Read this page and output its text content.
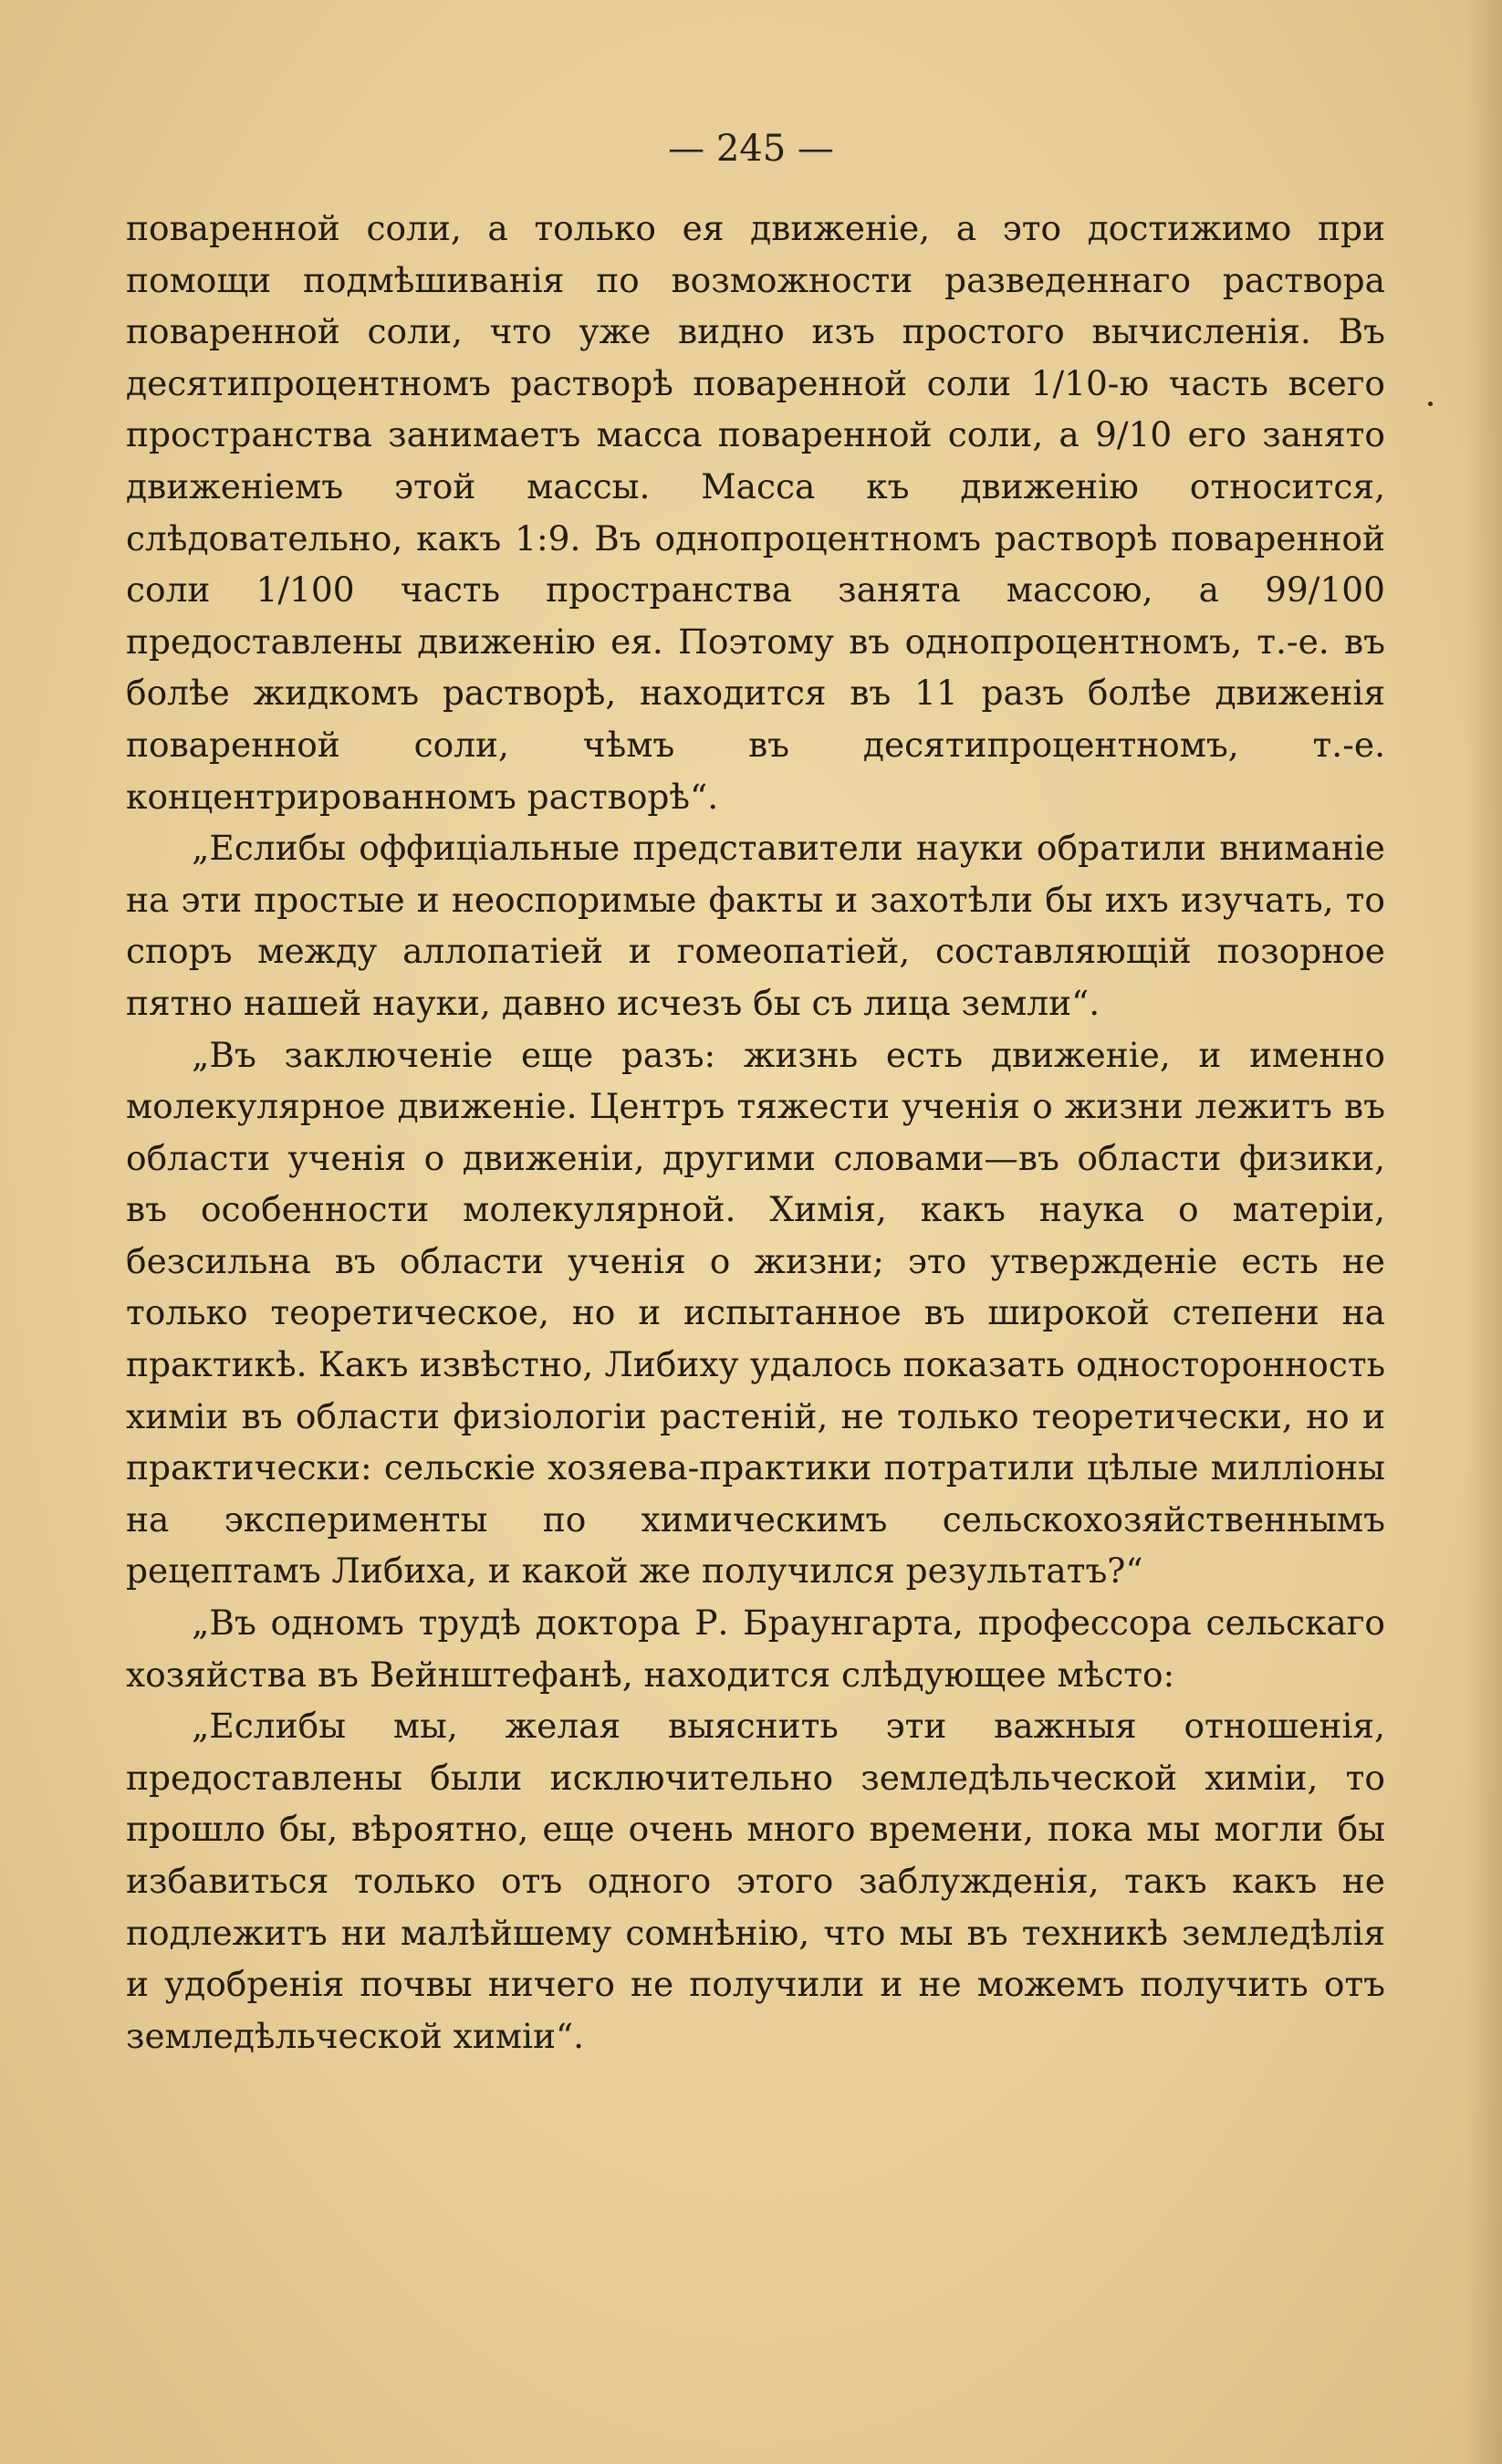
— 245 —

поваренной соли, а только ея движеніе, а это достижимо при помощи подмѣшиванія по возможности разведеннаго раствора поваренной соли, что уже видно изъ простого вычисленія. Въ десятипроцентномъ растворѣ поваренной соли 1/10-ю часть всего пространства занимаетъ масса поваренной соли, а 9/10 его занято движеніемъ этой массы. Масса къ движенію относится, слѣдовательно, какъ 1:9. Въ однопроцентномъ растворѣ поваренной соли 1/100 часть пространства занята массою, а 99/100 предоставлены движенію ея. Поэтому въ однопроцентномъ, т.-е. въ болѣе жидкомъ растворѣ, находится въ 11 разъ болѣе движенія поваренной соли, чѣмъ въ десятипроцентномъ, т.-е. концентрированномъ растворѣ“.

„Еслибы оффиціальные представители науки обратили вниманіе на эти простые и неоспоримые факты и захотѣли бы ихъ изучать, то споръ между аллопатіей и гомеопатіей, составляющій позорное пятно нашей науки, давно исчезъ бы съ лица земли“.

„Въ заключеніе еще разъ: жизнь есть движеніе, и именно молекулярное движеніе. Центръ тяжести ученія о жизни лежитъ въ области ученія о движеніи, другими словами—въ области физики, въ особенности молекулярной. Химія, какъ наука о матеріи, безсильна въ области ученія о жизни; это утвержденіе есть не только теоретическое, но и испытанное въ широкой степени на практикѣ. Какъ извѣстно, Либиху удалось показать односторонность химіи въ области физіологіи растеній, не только теоретически, но и практически: сельскіе хозяева-практики потратили цѣлые милліоны на эксперименты по химическимъ сельскохозяйственнымъ рецептамъ Либиха, и какой же получился результатъ?“

„Въ одномъ трудѣ доктора Р. Браунгарта, профессора сельскаго хозяйства въ Вейнштефанѣ, находится слѣдующее мѣсто:

„Еслибы мы, желая выяснить эти важныя отношенія, предоставлены были исключительно земледѣльческой химіи, то прошло бы, вѣроятно, еще очень много времени, пока мы могли бы избавиться только отъ одного этого заблужденія, такъ какъ не подлежитъ ни малѣйшему сомнѣнію, что мы въ техникѣ земледѣлія и удобренія почвы ничего не получили и не можемъ получить отъ земледѣльческой химіи“.
